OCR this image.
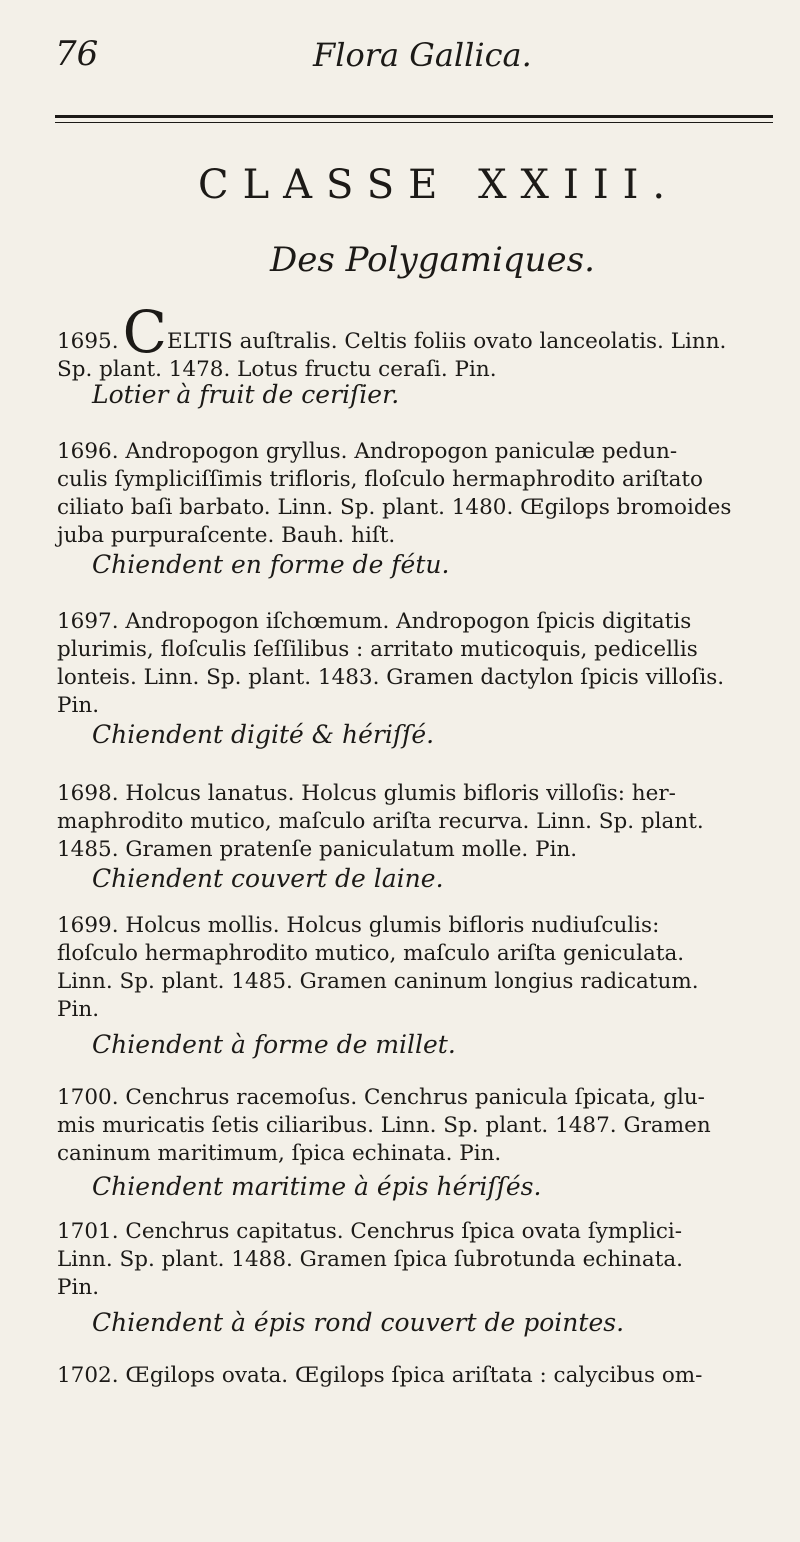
76	Flora Gallica.
CLASSE XXIII.
Des Polygamiques.

1695.CELTIS auſtralis. Celtis foliis ovato lanceolatis. Linn.

Sp. plant. 1478. Lotus fructu ceraſi. Pin.

Lotier à fruit de ceriſier.

1696. Andropogon gryllus. Andropogon paniculæ pedun-

culis ſympliciſſimis trifloris, floſculo hermaphrodito ariſtato

ciliato baſi barbato. Linn. Sp. plant. 1480. Œgilops bromoides

juba purpuraſcente. Bauh. hiſt.

Chiendent en forme de fétu.

1697. Andropogon iſchœmum. Andropogon ſpicis digitatis

plurimis, floſculis ſeſſilibus : arritato muticoquis, pedicellis

lonteis. Linn. Sp. plant. 1483. Gramen dactylon ſpicis villoſis.

Pin.

Chiendent digité & hériſſé.

1698. Holcus lanatus. Holcus glumis bifloris villoſis: her-

maphrodito mutico, maſculo ariſta recurva. Linn. Sp. plant.

1485. Gramen pratenſe paniculatum molle. Pin.

Chiendent couvert de laine.

1699. Holcus mollis. Holcus glumis bifloris nudiuſculis:

floſculo hermaphrodito mutico, maſculo ariſta geniculata.

Linn. Sp. plant. 1485. Gramen caninum longius radicatum.

Pin.

Chiendent à forme de millet.

1700. Cenchrus racemoſus. Cenchrus panicula ſpicata, glu-

mis muricatis ſetis ciliaribus. Linn. Sp. plant. 1487. Gramen

caninum maritimum, ſpica echinata. Pin.

Chiendent maritime à épis hériſſés.

1701. Cenchrus capitatus. Cenchrus ſpica ovata ſymplici-

Linn. Sp. plant. 1488. Gramen ſpica ſubrotunda echinata.

Pin.

Chiendent à épis rond couvert de pointes.

1702. Œgilops ovata. Œgilops ſpica ariſtata : calycibus om-
